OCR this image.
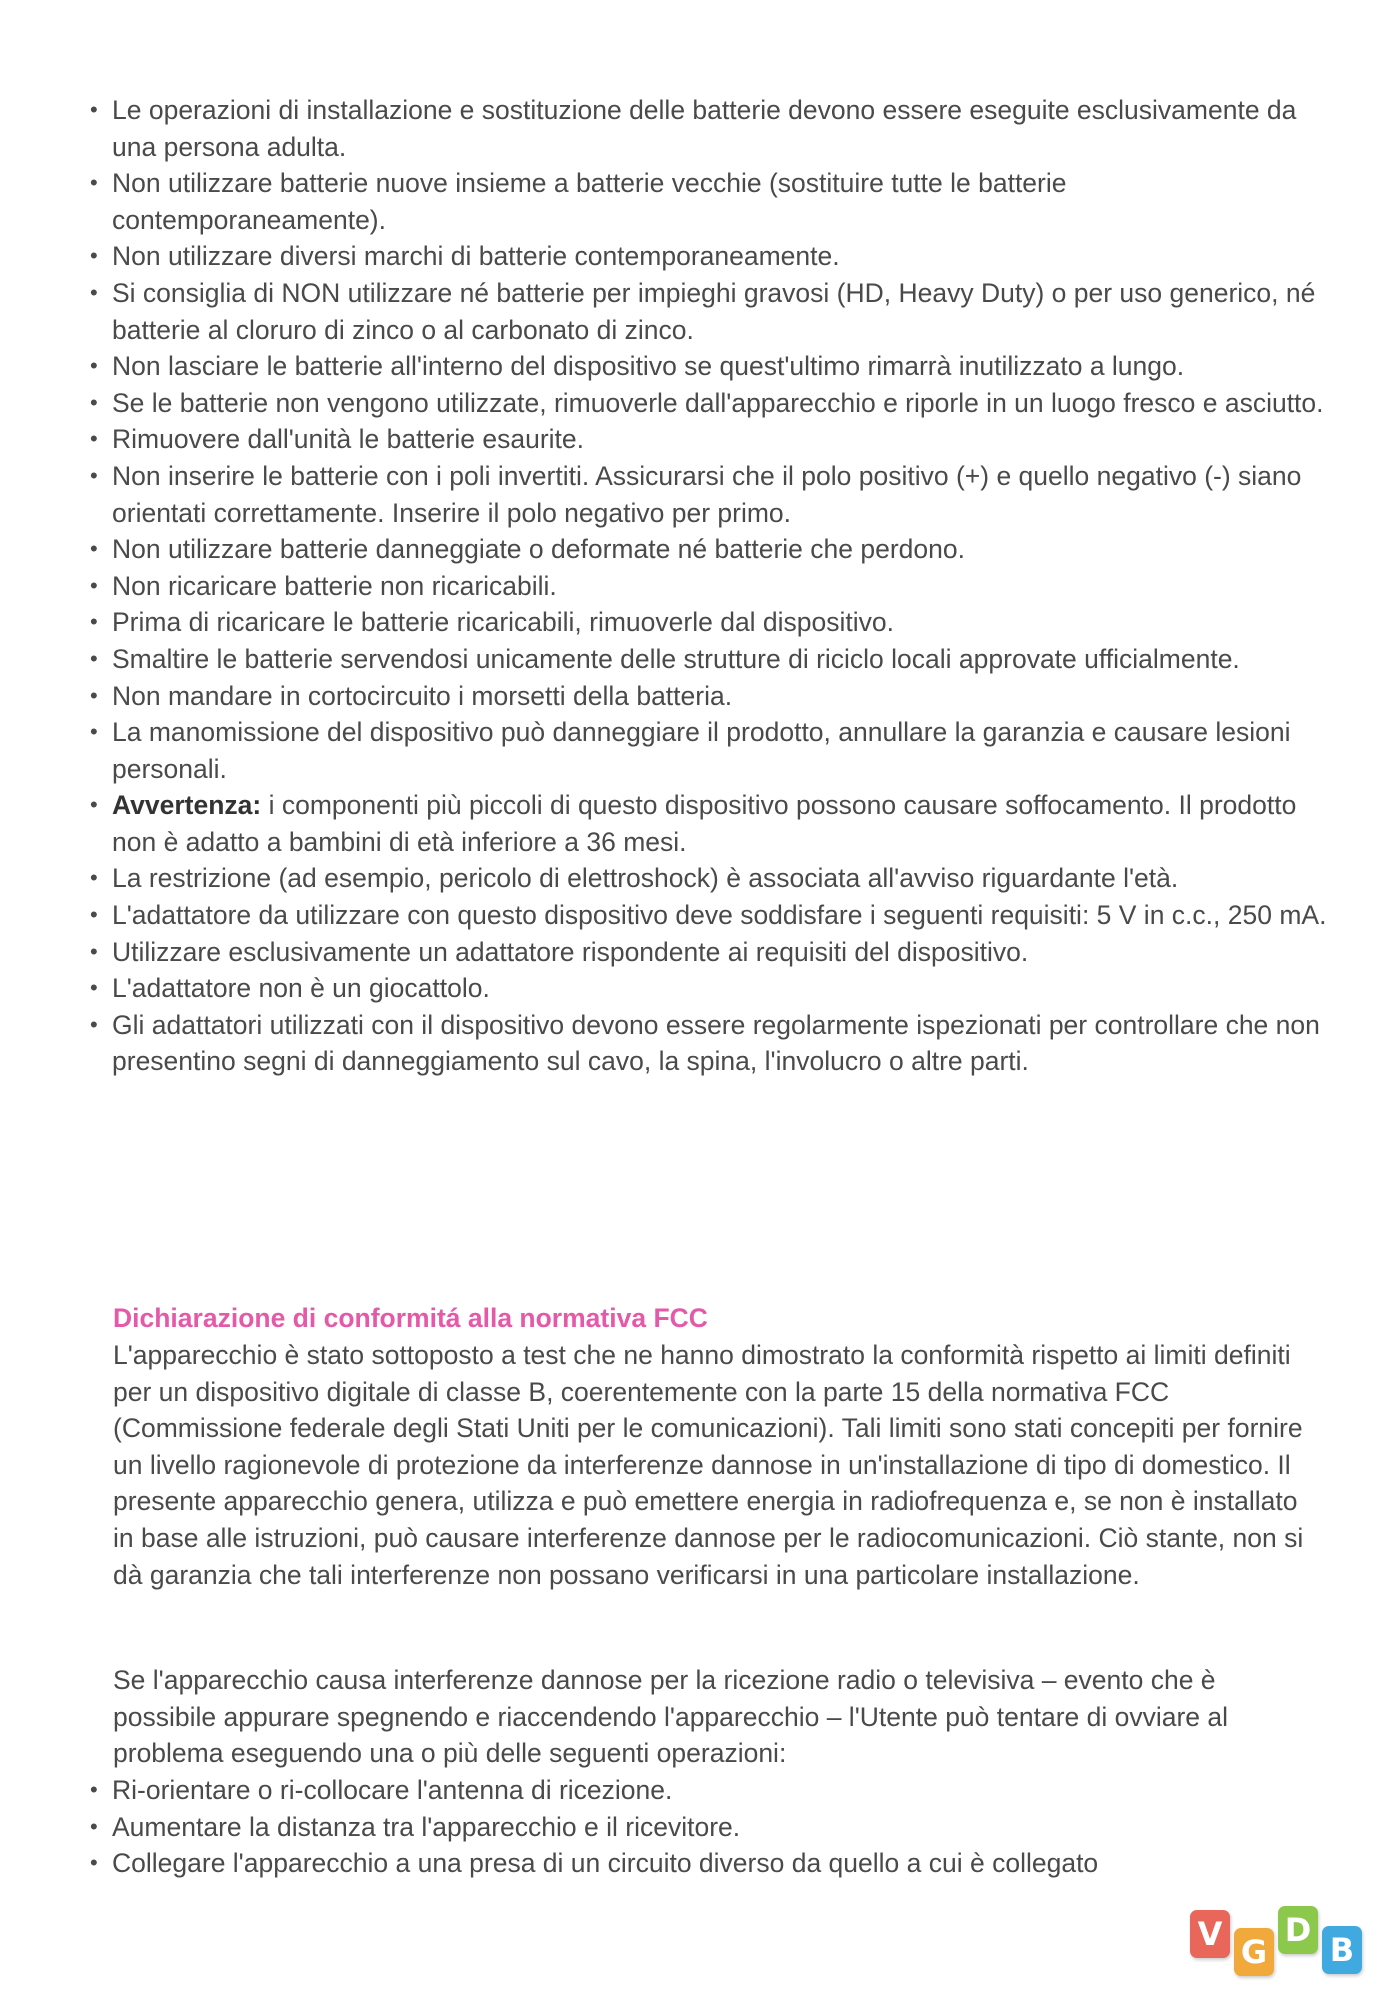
• Le operazioni di installazione e sostituzione delle batterie devono essere eseguite esclusivamente da una persona adulta.
• Non utilizzare batterie nuove insieme a batterie vecchie (sostituire tutte le batterie contemporaneamente).
• Non utilizzare diversi marchi di batterie contemporaneamente.
• Si consiglia di NON utilizzare né batterie per impieghi gravosi (HD, Heavy Duty) o per uso generico, né batterie al cloruro di zinco o al carbonato di zinco.
• Non lasciare le batterie all'interno del dispositivo se quest'ultimo rimarrà inutilizzato a lungo.
• Se le batterie non vengono utilizzate, rimuoverle dall'apparecchio e riporle in un luogo fresco e asciutto.
• Rimuovere dall'unità le batterie esaurite.
• Non inserire le batterie con i poli invertiti. Assicurarsi che il polo positivo (+) e quello negativo (-) siano orientati correttamente. Inserire il polo negativo per primo.
• Non utilizzare batterie danneggiate o deformate né batterie che perdono.
• Non ricaricare batterie non ricaricabili.
• Prima di ricaricare le batterie ricaricabili, rimuoverle dal dispositivo.
• Smaltire le batterie servendosi unicamente delle strutture di riciclo locali approvate ufficialmente.
• Non mandare in cortocircuito i morsetti della batteria.
• La manomissione del dispositivo può danneggiare il prodotto, annullare la garanzia e causare lesioni personali.
• Avvertenza: i componenti più piccoli di questo dispositivo possono causare soffocamento. Il prodotto non è adatto a bambini di età inferiore a 36 mesi.
• La restrizione (ad esempio, pericolo di elettroshock) è associata all'avviso riguardante l'età.
• L'adattatore da utilizzare con questo dispositivo deve soddisfare i seguenti requisiti: 5 V in c.c., 250 mA.
• Utilizzare esclusivamente un adattatore rispondente ai requisiti del dispositivo.
• L'adattatore non è un giocattolo.
• Gli adattatori utilizzati con il dispositivo devono essere regolarmente ispezionati per controllare che non presentino segni di danneggiamento sul cavo, la spina, l'involucro o altre parti.
Dichiarazione di conformitá alla normativa FCC

L'apparecchio è stato sottoposto a test che ne hanno dimostrato la conformità rispetto ai limiti definiti per un dispositivo digitale di classe B, coerentemente con la parte 15 della normativa FCC (Commissione federale degli Stati Uniti per le comunicazioni). Tali limiti sono stati concepiti per fornire un livello ragionevole di protezione da interferenze dannose in un'installazione di tipo di domestico. Il presente apparecchio genera, utilizza e può emettere energia in radiofrequenza e, se non è installato in base alle istruzioni, può causare interferenze dannose per le radiocomunicazioni. Ciò stante, non si dà garanzia che tali interferenze non possano verificarsi in una particolare installazione.

Se l'apparecchio causa interferenze dannose per la ricezione radio o televisiva – evento che è possibile appurare spegnendo e riaccendendo l'apparecchio – l'Utente può tentare di ovviare al problema eseguendo una o più delle seguenti operazioni:

• Ri-orientare o ri-collocare l'antenna di ricezione.
• Aumentare la distanza tra l'apparecchio e il ricevitore.
• Collegare l'apparecchio a una presa di un circuito diverso da quello a cui è collegato
V G
D
B
